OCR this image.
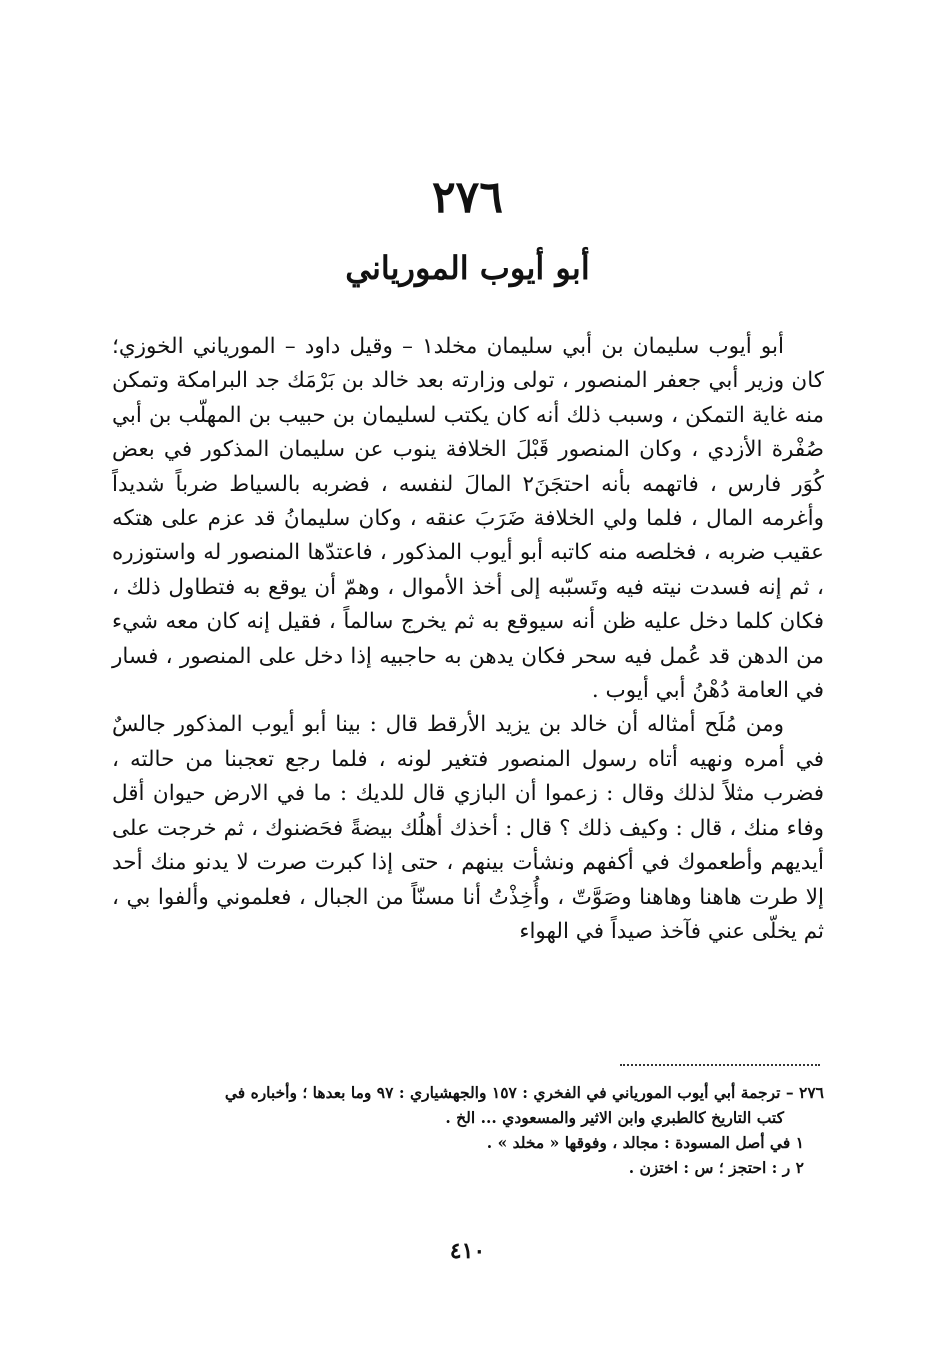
٢٧٦
أبو أيوب المورياني

أبو أيوب سليمان بن أبي سليمان مخلد١ – وقيل داود – المورياني الخوزي؛ كان وزير أبي جعفر المنصور ، تولى وزارته بعد خالد بن بَرْمَك جد البرامكة وتمكن منه غاية التمكن ، وسبب ذلك أنه كان يكتب لسليمان بن حبيب بن المهلّب بن أبي صُفْرة الأزدي ، وكان المنصور قَبْلَ الخلافة ينوب عن سليمان المذكور في بعض كُوَر فارس ، فاتهمه بأنه احتجَنَ٢ المالَ لنفسه ، فضربه بالسياط ضرباً شديداً وأغرمه المال ، فلما ولي الخلافة ضَرَبَ عنقه ، وكان سليمانُ قد عزم على هتكه عقيب ضربه ، فخلصه منه كاتبه أبو أيوب المذكور ، فاعتدّها المنصور له واستوزره ، ثم إنه فسدت نيته فيه وتَسبّبه إلى أخذ الأموال ، وهمّ أن يوقع به فتطاول ذلك ، فكان كلما دخل عليه ظن أنه سيوقع به ثم يخرج سالماً ، فقيل إنه كان معه شيء من الدهن قد عُمل فيه سحر فكان يدهن به حاجبيه إذا دخل على المنصور ، فسار في العامة دُهْنُ أبي أيوب .

ومن مُلَح أمثاله أن خالد بن يزيد الأرقط قال : بينا أبو أيوب المذكور جالسٌ في أمره ونهيه أتاه رسول المنصور فتغير لونه ، فلما رجع تعجبنا من حالته ، فضرب مثلاً لذلك وقال : زعموا أن البازي قال للديك : ما في الارض حيوان أقل وفاء منك ، قال : وكيف ذلك ؟ قال : أخذك أهلُك بيضةً فحَضنوك ، ثم خرجت على أيديهم وأطعموك في أكفهم ونشأت بينهم ، حتى إذا كبرت صرت لا يدنو منك أحد إلا طرت هاهنا وهاهنا وصَوَّتّ ، وأُخِذْتُ أنا مسنّاً من الجبال ، فعلموني وألفوا بي ، ثم يخلّى عني فآخذ صيداً في الهواء

٢٧٦ – ترجمة أبي أيوب المورياني في الفخري : ١٥٧ والجهشياري : ٩٧ وما بعدها ؛ وأخباره في

كتب التاريخ كالطبري وابن الاثير والمسعودي ... الخ .

١ في أصل المسودة : مجالد ، وفوقها « مخلد » .

٢ ر : احتجز ؛ س : اختزن .

٤١٠
